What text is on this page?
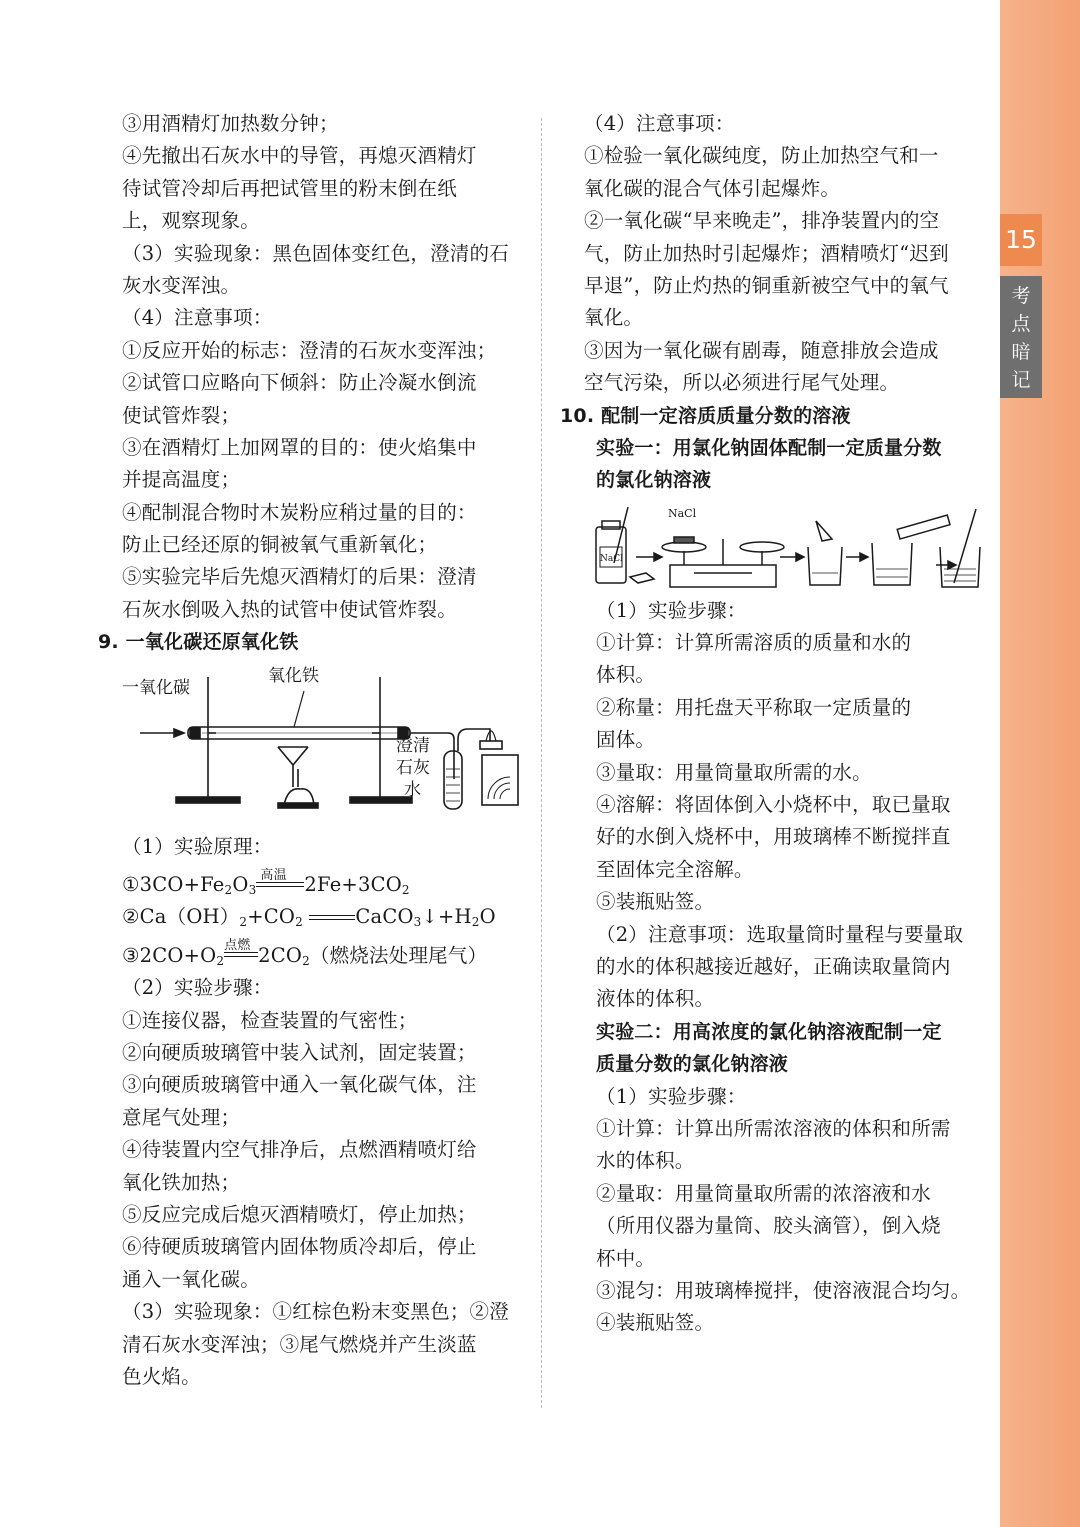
15
考
点
暗
记
③用酒精灯加热数分钟；
④先撤出石灰水中的导管，再熄灭酒精灯
待试管冷却后再把试管里的粉末倒在纸
上，观察现象。
（3）实验现象：黑色固体变红色，澄清的石
灰水变浑浊。
（4）注意事项：
①反应开始的标志：澄清的石灰水变浑浊；
②试管口应略向下倾斜：防止冷凝水倒流
使试管炸裂；
③在酒精灯上加网罩的目的：使火焰集中
并提高温度；
④配制混合物时木炭粉应稍过量的目的：
防止已经还原的铜被氧气重新氧化；
⑤实验完毕后先熄灭酒精灯的后果：澄清
石灰水倒吸入热的试管中使试管炸裂。
9. 一氧化碳还原氧化铁
一氧化碳
氧化铁
澄清
石灰
水
（1）实验原理：
$①3CO+Fe_2O_3$
高温 $2Fe+3CO_2$
$②Ca(OH)_2+CO_2$	$CaCO_3↓+H_2O$
$③2CO+O_2$
点燃 $2CO_2$（燃烧法处理尾气）
（2）实验步骤：
①连接仪器，检查装置的气密性；
②向硬质玻璃管中装入试剂，固定装置；
③向硬质玻璃管中通入一氧化碳气体，注
意尾气处理；
④待装置内空气排净后，点燃酒精喷灯给
氧化铁加热；
⑤反应完成后熄灭酒精喷灯，停止加热；
⑥待硬质玻璃管内固体物质冷却后，停止
通入一氧化碳。
（3）实验现象：①红棕色粉末变黑色；②澄
清石灰水变浑浊；③尾气燃烧并产生淡蓝
色火焰。
（4）注意事项：
①检验一氧化碳纯度，防止加热空气和一
氧化碳的混合气体引起爆炸。
②一氧化碳“早来晚走”，排净装置内的空
气，防止加热时引起爆炸；酒精喷灯“迟到
早退”，防止灼热的铜重新被空气中的氧气
氧化。
③因为一氧化碳有剧毒，随意排放会造成
空气污染，所以必须进行尾气处理。
10. 配制一定溶质质量分数的溶液
实验一：用氯化钠固体配制一定质量分数
的氯化钠溶液
NaCl
NaCl
（1）实验步骤：
①计算：计算所需溶质的质量和水的
体积。
②称量：用托盘天平称取一定质量的
固体。
③量取：用量筒量取所需的水。
④溶解：将固体倒入小烧杯中，取已量取
好的水倒入烧杯中，用玻璃棒不断搅拌直
至固体完全溶解。
⑤装瓶贴签。
（2）注意事项：选取量筒时量程与要量取
的水的体积越接近越好，正确读取量筒内
液体的体积。
实验二：用高浓度的氯化钠溶液配制一定
质量分数的氯化钠溶液
（1）实验步骤：
①计算：计算出所需浓溶液的体积和所需
水的体积。
②量取：用量筒量取所需的浓溶液和水
（所用仪器为量筒、胶头滴管），倒入烧
杯中。
③混匀：用玻璃棒搅拌，使溶液混合均匀。
④装瓶贴签。
